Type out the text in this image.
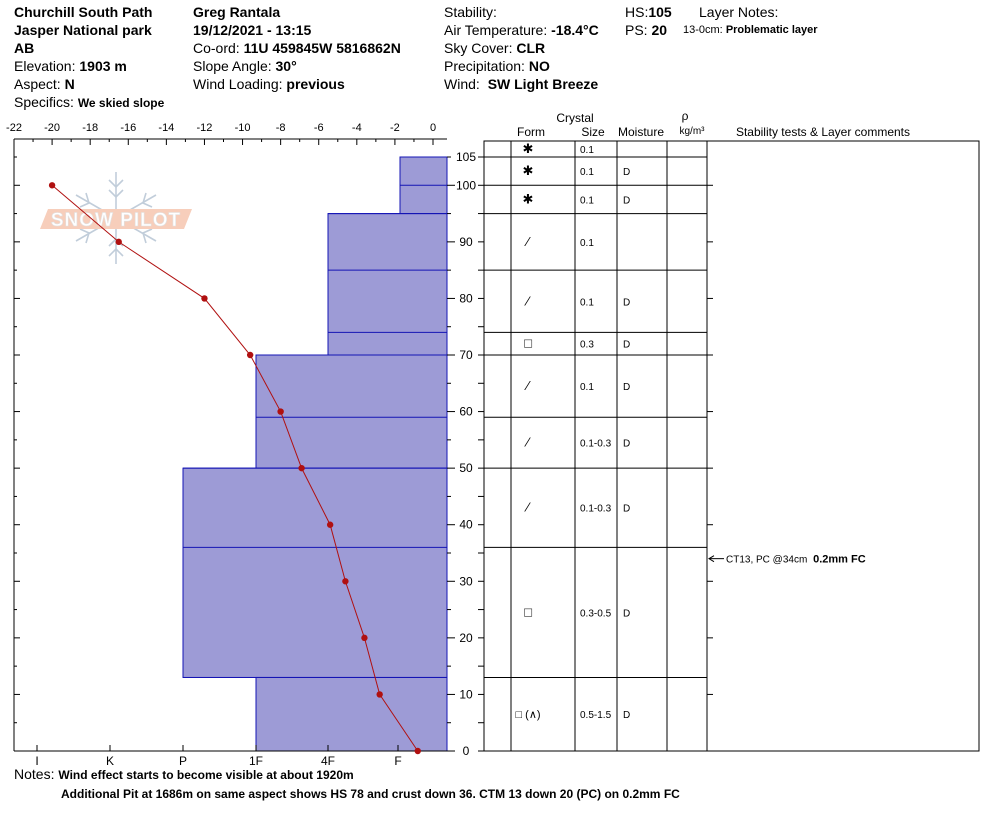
Churchill South Path
Jasper National park
AB
Elevation: 1903 m
Aspect: N
Specifics: We skied slope
Greg Rantala
19/12/2021 - 13:15
Co-ord: 11U 459845W 5816862N
Slope Angle: 30°
Wind Loading: previous
Stability:
Air Temperature: -18.4°C
Sky Cover: CLR
Precipitation: NO
Wind: SW Light Breeze
HS:105
PS: 20
Layer Notes:
13-0cm: Problematic layer
SNOW PILOT
-22 -20 -18 -16 -14 -12 -10 -8	-6	-4	-2	0
I	K	P	1F	4F	F
105
100
90
80
70
60
50
40
30
20
10
0
✱	0.1
✱	0.1	D
✱	0.1	D
⁄	0.1
⁄	0.1	D
□	0.3	D
⁄	0.1	D
⁄	0.1-0.3 D
⁄	0.1-0.3 D
□	0.3-0.5 D
□ (∧)	0.5-1.5 D
Crystal
Form	Size Moisture
ρ
kg/m³	Stability tests & Layer comments
CT13, PC @34cm 0.2mm FC
Notes: Wind effect starts to become visible at about 1920m
Additional Pit at 1686m on same aspect shows HS 78 and crust down 36. CTM 13 down 20 (PC) on 0.2mm FC
